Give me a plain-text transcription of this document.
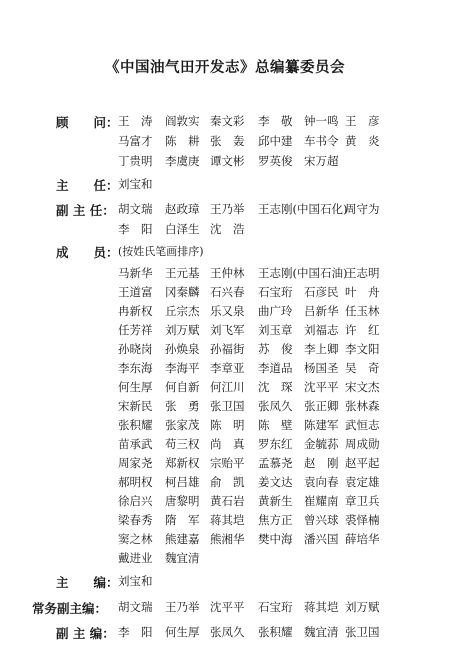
《中国油气田开发志》总编纂委员会
顾　　问： 王　涛 阎敦实 秦文彩 李　敬 钟一鸣 王　彦
马富才 陈　耕 张　轰 邱中建 车书令 黄　炎
丁贵明 李虞庚 谭文彬 罗英俊 宋万超
主　　任： 刘宝和
副 主 任： 胡文瑞 赵政璋 王乃举 王志刚(中国石化)
周守为
李　阳 白泽生 沈　浩
成　　员： (按姓氏笔画排序)
马新华 王元基 王仲林 王志刚(中国石油)
王志明
王道富 冈秦麟 石兴春 石宝珩 石彦民 叶　舟
冉新权 丘宗杰 乐又泉 曲广玲 吕新华 任玉林
任芳祥 刘万赋 刘飞军 刘玉章 刘福志 许　红
孙晓岗 孙焕泉 孙福街 苏　俊 李上卿 李文阳
李东海 李海平 李章亚 李道品 杨国圣 吴　奇
何生厚 何自新 何江川 沈　琛 沈平平 宋文杰
宋新民 张　勇 张卫国 张凤久 张正卿 张林森
张积耀 张家茂 陈　明 陈　壁 陈建军 武恒志
苗承武 苟三权 尚　真 罗东红 金毓荪 周成勋
周家尧 郑新权 宗贻平 孟慕尧 赵　刚 赵平起
郝明权 柯吕雄 俞　凯 姜文达 袁向春 袁定雄
徐启兴 唐黎明 黄石岩 黄新生 崔耀南 章卫兵
梁春秀 隋　军 蒋其垲 焦方正 曾兴球 裘怿楠
窦之林 熊建嘉 熊湘华 樊中海 潘兴国 薛培华
戴进业 魏宜清
主　　编： 刘宝和
常务副主编： 胡文瑞 王乃举 沈平平 石宝珩 蒋其垲 刘万赋
副 主 编： 李　阳 何生厚 张凤久 张积耀 魏宜清 张卫国
